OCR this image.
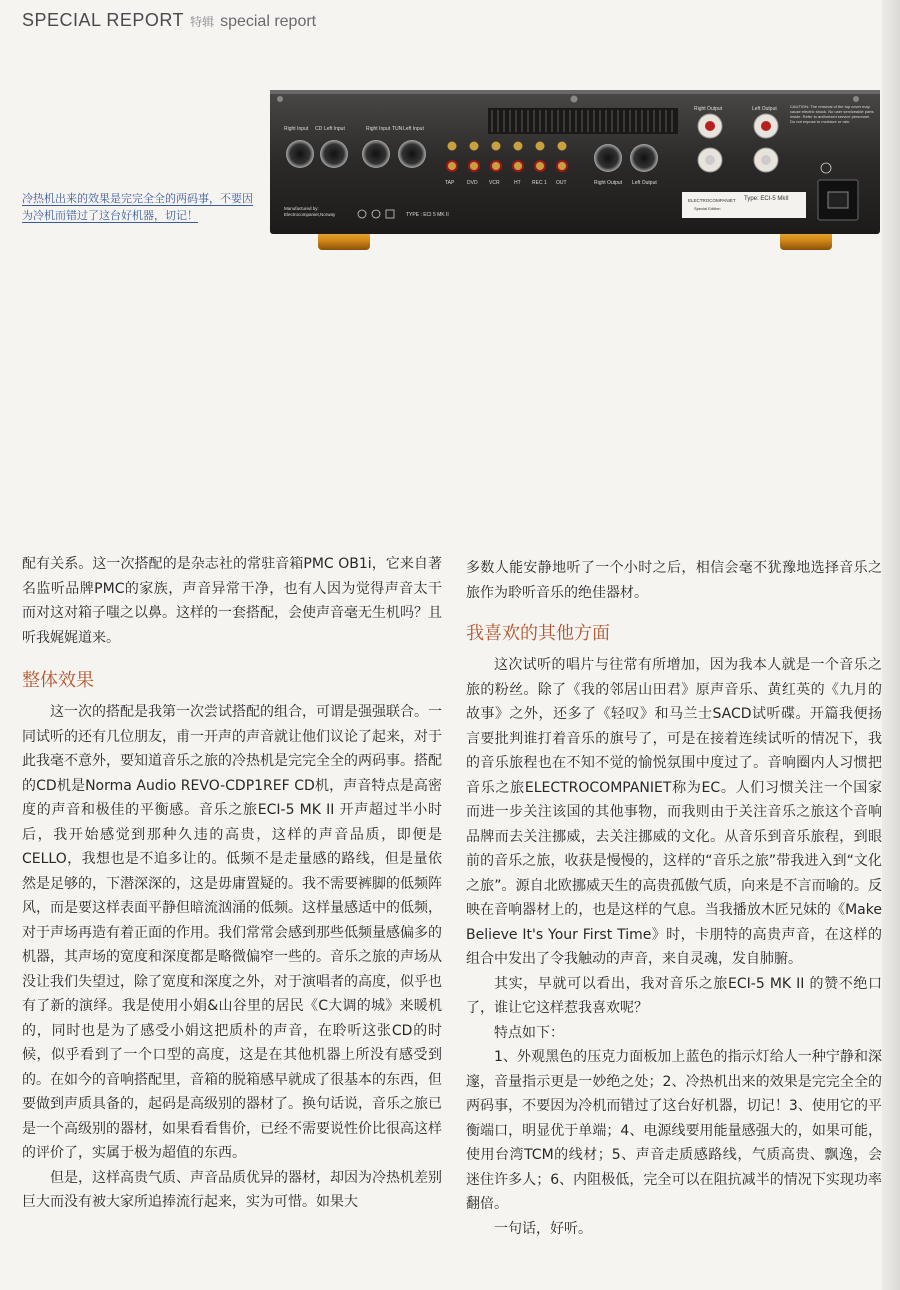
SPECIAL REPORT 特辑 special report
冷热机出来的效果是完完全全的两码事，不要因为冷机而错过了这台好机器，切记！
Right Input CD Left Input	Right Input TUN Left Input
TAP	DVD VCR	HT REC 1 OUT	Right Output Left Output
Right Output	Left Output	CAUTION: The removal of the top cover may cause electric shock. No user serviceable parts inside. Refer to authorized service personnel. Do not expose to moisture or rain.
ELECTROCOMPANIET
Special Edition
Type: ECI-5 MkII
Manufactured by: Electrocompaniet,Norway	TYPE : ECI 5 MK II

配有关系。这一次搭配的是杂志社的常驻音箱PMC OB1i，它来自著名监听品牌PMC的家族，声音异常干净，也有人因为觉得声音太干而对这对箱子嗤之以鼻。这样的一套搭配，会使声音毫无生机吗？且听我娓娓道来。

整体效果

这一次的搭配是我第一次尝试搭配的组合，可谓是强强联合。一同试听的还有几位朋友，甫一开声的声音就让他们议论了起来，对于此我毫不意外，要知道音乐之旅的冷热机是完完全全的两码事。搭配的CD机是Norma Audio REVO-CDP1REF CD机，声音特点是高密度的声音和极佳的平衡感。音乐之旅ECI-5 MK II 开声超过半小时后，我开始感觉到那种久违的高贵，这样的声音品质，即便是CELLO，我想也是不追多让的。低频不是走量感的路线，但是量依然是足够的，下潜深深的，这是毋庸置疑的。我不需要裤脚的低频阵风，而是要这样表面平静但暗流汹涌的低频。这样量感适中的低频，对于声场再造有着正面的作用。我们常常会感到那些低频量感偏多的机器，其声场的宽度和深度都是略微偏窄一些的。音乐之旅的声场从没让我们失望过，除了宽度和深度之外，对于演唱者的高度，似乎也有了新的演绎。我是使用小娟&山谷里的居民《C大调的城》来暖机的，同时也是为了感受小娟这把质朴的声音，在聆听这张CD的时候，似乎看到了一个口型的高度，这是在其他机器上所没有感受到的。在如今的音响搭配里，音箱的脱箱感早就成了很基本的东西，但要做到声质具备的，起码是高级别的器材了。换句话说，音乐之旅已是一个高级别的器材，如果看看售价，已经不需要说性价比很高这样的评价了，实属于极为超值的东西。

但是，这样高贵气质、声音品质优异的器材，却因为冷热机差别巨大而没有被大家所追捧流行起来，实为可惜。如果大

多数人能安静地听了一个小时之后，相信会毫不犹豫地选择音乐之旅作为聆听音乐的绝佳器材。

我喜欢的其他方面

这次试听的唱片与往常有所增加，因为我本人就是一个音乐之旅的粉丝。除了《我的邻居山田君》原声音乐、黄红英的《九月的故事》之外，还多了《轻叹》和马兰士SACD试听碟。开篇我便扬言要批判谁打着音乐的旗号了，可是在接着连续试听的情况下，我的音乐旅程也在不知不觉的愉悦氛围中度过了。音响圈内人习惯把音乐之旅ELECTROCOMPANIET称为EC。人们习惯关注一个国家而进一步关注该国的其他事物，而我则由于关注音乐之旅这个音响品牌而去关注挪威，去关注挪威的文化。从音乐到音乐旅程，到眼前的音乐之旅，收获是慢慢的，这样的“音乐之旅”带我进入到“文化之旅”。源自北欧挪威天生的高贵孤傲气质，向来是不言而喻的。反映在音响器材上的，也是这样的气息。当我播放木匠兄妹的《Make Believe It's Your First Time》时，卡朋特的高贵声音，在这样的组合中发出了令我触动的声音，来自灵魂，发自肺腑。

其实，早就可以看出，我对音乐之旅ECI-5 MK II 的赞不绝口了，谁让它这样惹我喜欢呢？

特点如下：

1、外观黑色的压克力面板加上蓝色的指示灯给人一种宁静和深邃，音量指示更是一妙绝之处；2、冷热机出来的效果是完完全全的两码事，不要因为冷机而错过了这台好机器，切记！3、使用它的平衡端口，明显优于单端；4、电源线要用能量感强大的，如果可能，使用台湾TCM的线材；5、声音走质感路线，气质高贵、飘逸，会迷住许多人；6、内阻极低，完全可以在阻抗减半的情况下实现功率翻倍。

一句话，好听。
